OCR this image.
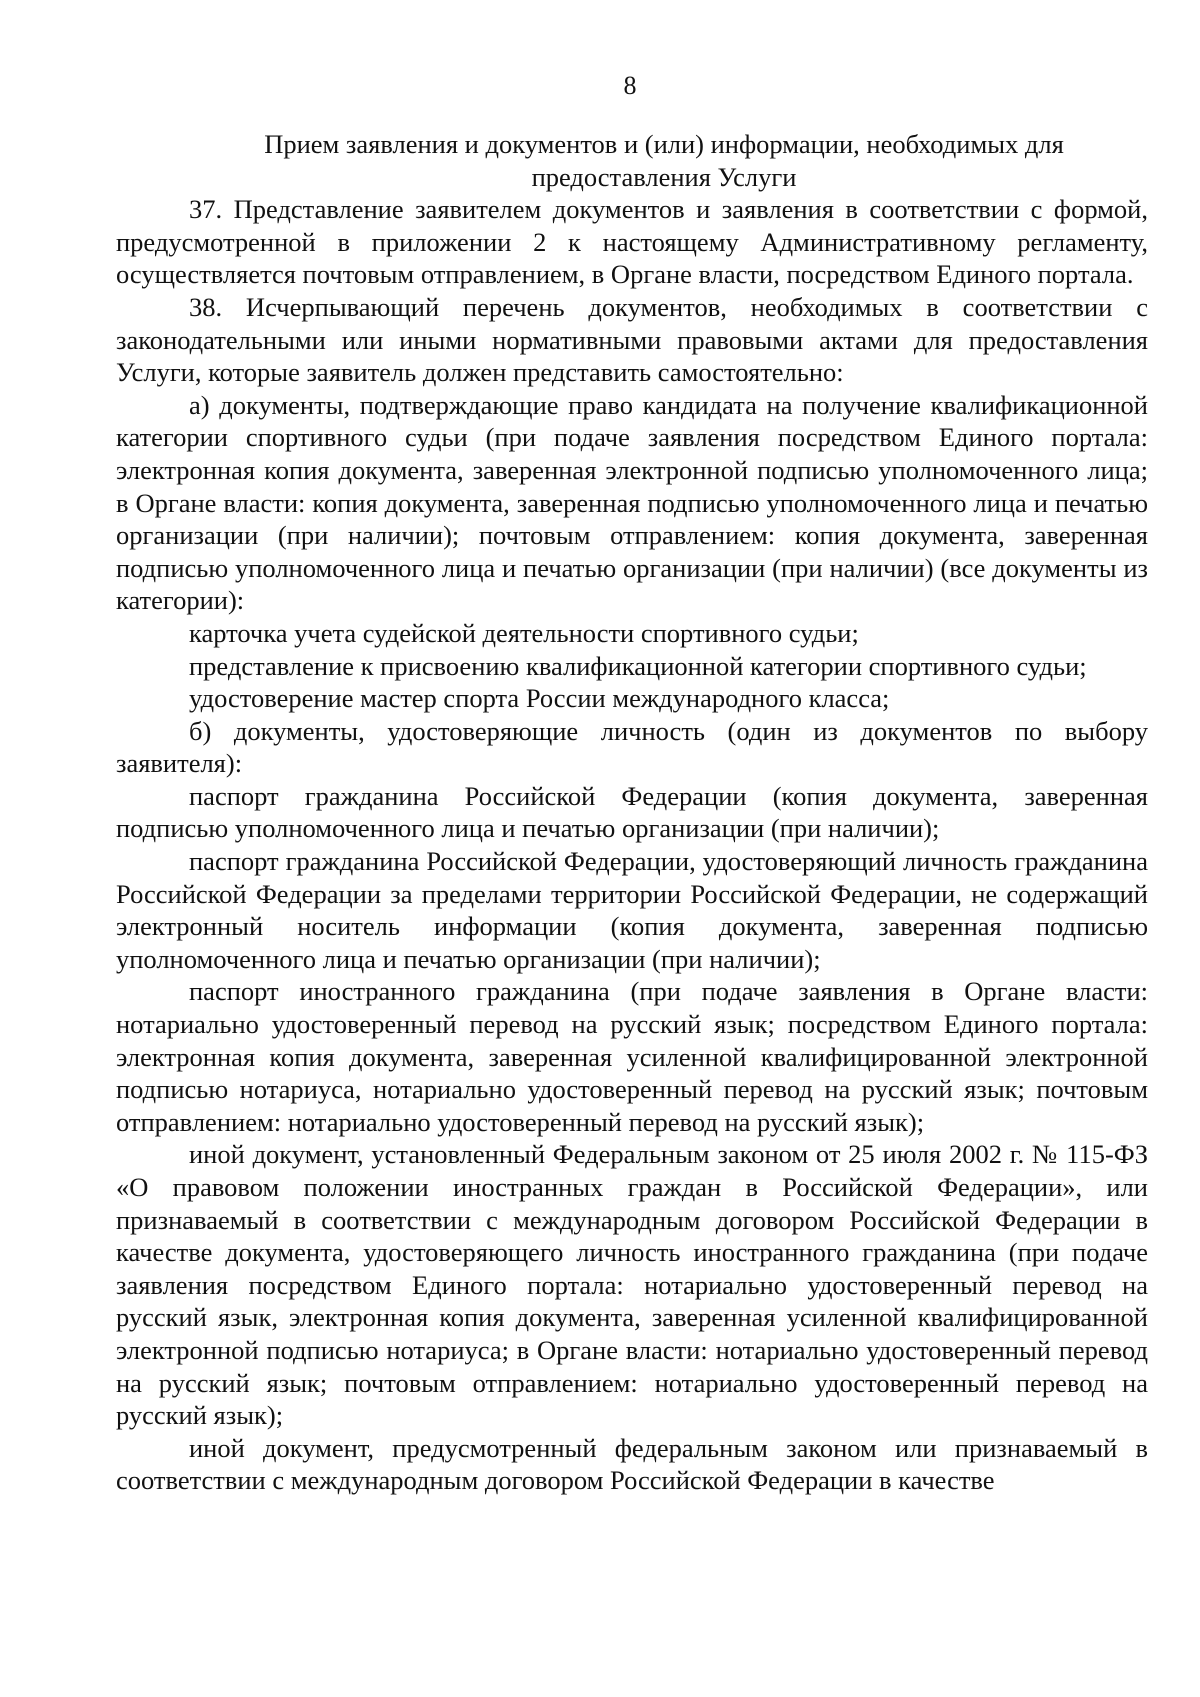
8
Прием заявления и документов и (или) информации, необходимых для предоставления Услуги

37. Представление заявителем документов и заявления в соответствии с формой, предусмотренной в приложении 2 к настоящему Административному регламенту, осуществляется почтовым отправлением, в Органе власти, посредством Единого портала.

38. Исчерпывающий перечень документов, необходимых в соответствии с законодательными или иными нормативными правовыми актами для предоставления Услуги, которые заявитель должен представить самостоятельно:

а) документы, подтверждающие право кандидата на получение квалификационной категории спортивного судьи (при подаче заявления посредством Единого портала: электронная копия документа, заверенная электронной подписью уполномоченного лица; в Органе власти: копия документа, заверенная подписью уполномоченного лица и печатью организации (при наличии); почтовым отправлением: копия документа, заверенная подписью уполномоченного лица и печатью организации (при наличии) (все документы из категории):

карточка учета судейской деятельности спортивного судьи;

представление к присвоению квалификационной категории спортивного судьи;

удостоверение мастер спорта России международного класса;

б) документы, удостоверяющие личность (один из документов по выбору заявителя):

паспорт гражданина Российской Федерации (копия документа, заверенная подписью уполномоченного лица и печатью организации (при наличии);

паспорт гражданина Российской Федерации, удостоверяющий личность гражданина Российской Федерации за пределами территории Российской Федерации, не содержащий электронный носитель информации (копия документа, заверенная подписью уполномоченного лица и печатью организации (при наличии);

паспорт иностранного гражданина (при подаче заявления в Органе власти: нотариально удостоверенный перевод на русский язык; посредством Единого портала: электронная копия документа, заверенная усиленной квалифицированной электронной подписью нотариуса, нотариально удостоверенный перевод на русский язык; почтовым отправлением: нотариально удостоверенный перевод на русский язык);

иной документ, установленный Федеральным законом от 25 июля 2002 г. № 115-ФЗ «О правовом положении иностранных граждан в Российской Федерации», или признаваемый в соответствии с международным договором Российской Федерации в качестве документа, удостоверяющего личность иностранного гражданина (при подаче заявления посредством Единого портала: нотариально удостоверенный перевод на русский язык, электронная копия документа, заверенная усиленной квалифицированной электронной подписью нотариуса; в Органе власти: нотариально удостоверенный перевод на русский язык; почтовым отправлением: нотариально удостоверенный перевод на русский язык);

иной документ, предусмотренный федеральным законом или признаваемый в соответствии с международным договором Российской Федерации в качестве
